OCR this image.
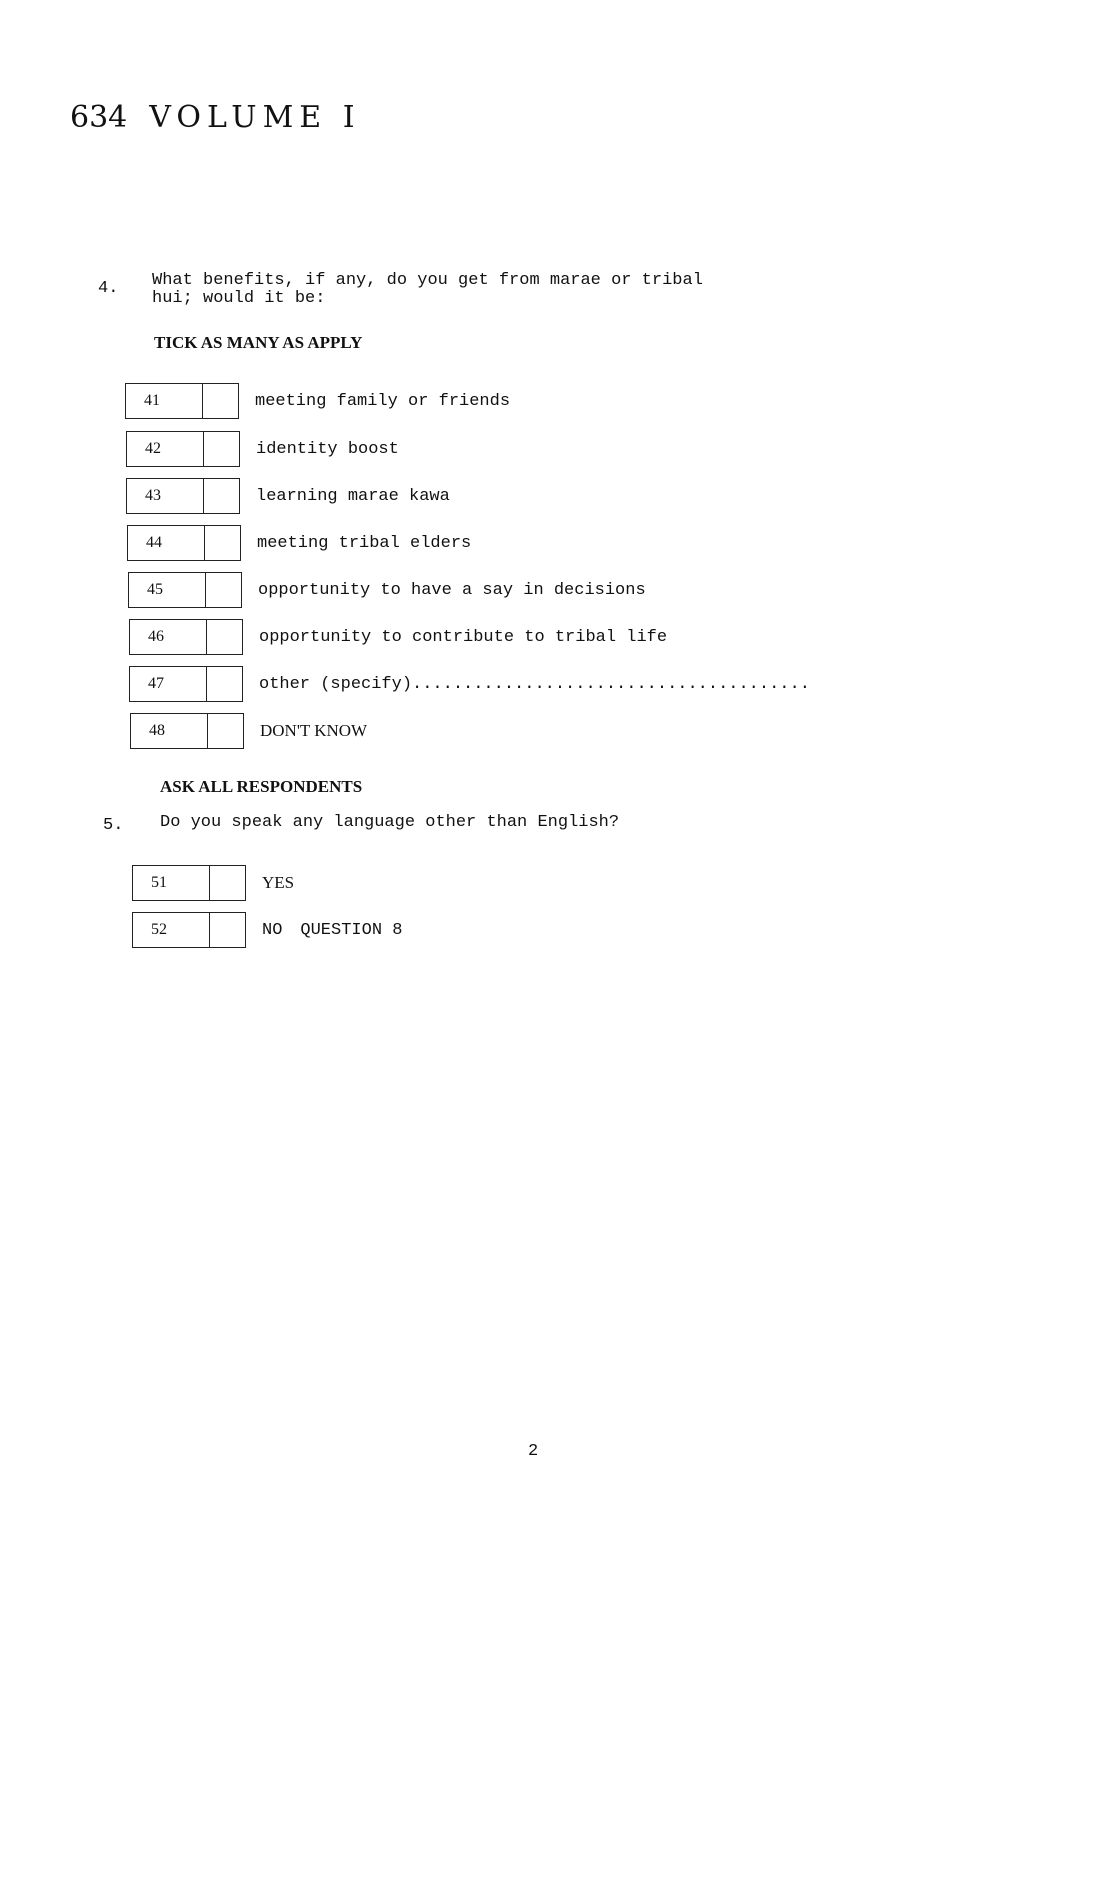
634 VOLUME I
4. What benefits, if any, do you get from marae or tribal
hui; would it be:
TICK AS MANY AS APPLY
41	meeting family or friends
42	identity boost
43	learning marae kawa
44	meeting tribal elders
45	opportunity to have a say in decisions
46	opportunity to contribute to tribal life
47	other (specify).......................................
48	DON'T KNOW
ASK ALL RESPONDENTS
5. Do you speak any language other than English?
51	YES
52	NO QUESTION 8
2
